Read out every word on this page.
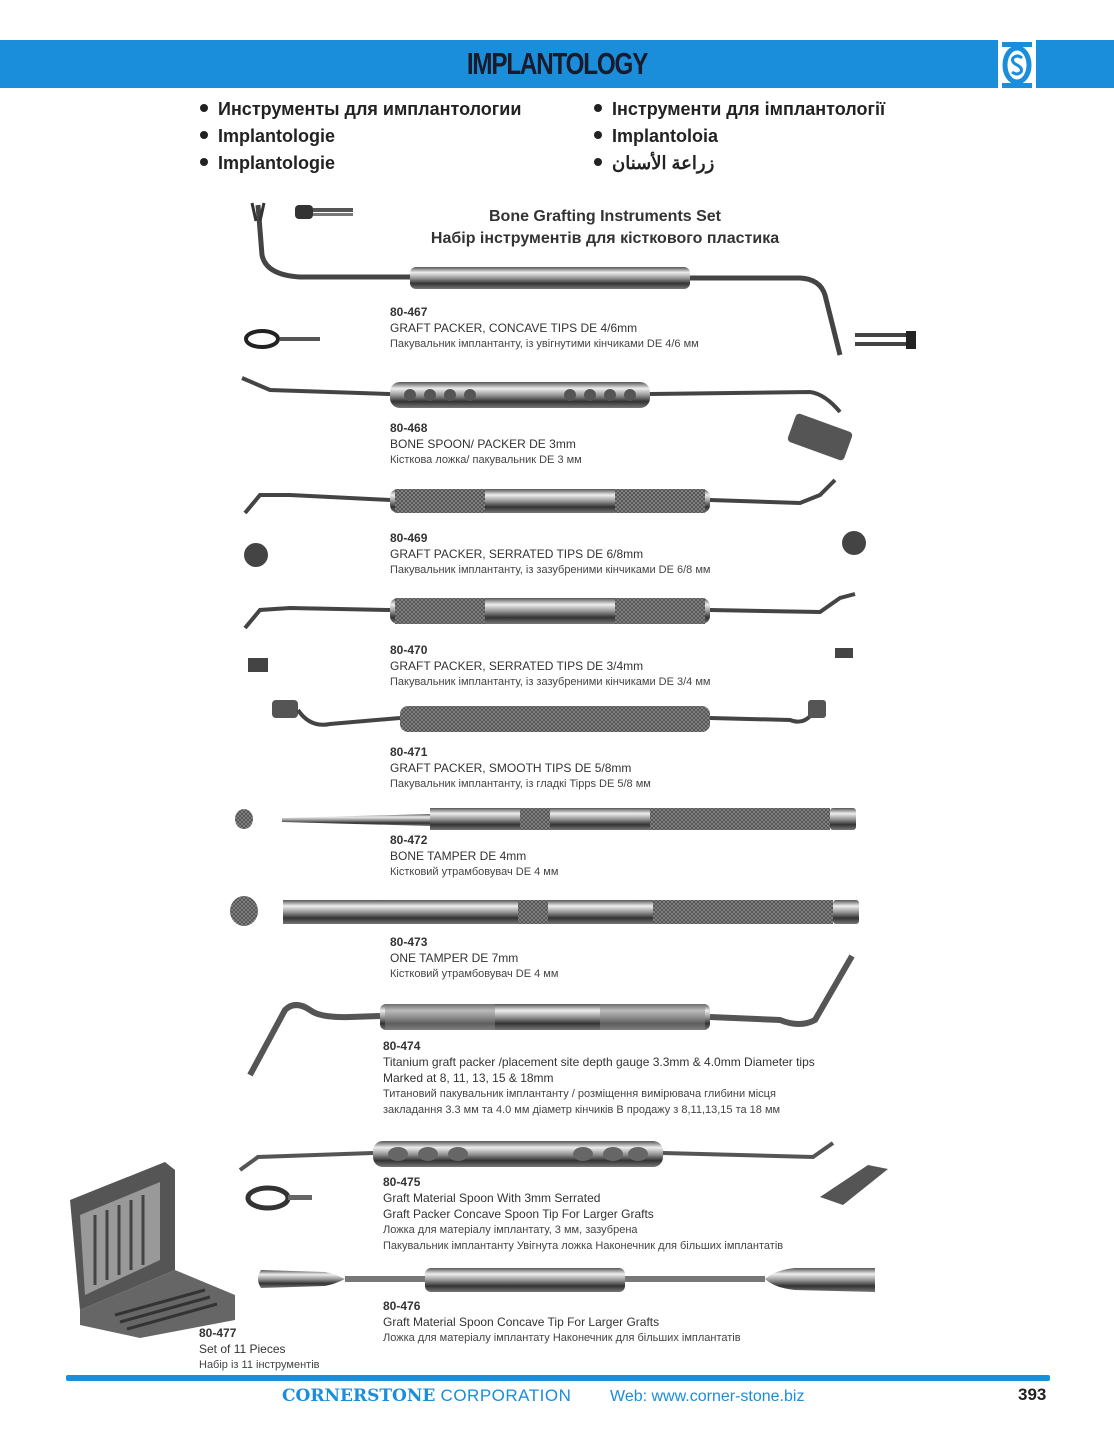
IMPLANTOLOGY
Инструменты для имплантологии
Implantologie
Implantologie
Інструменти для імплантології
Implantoloia
زراعة الأسنان
Bone Grafting Instruments Set
Набір інструментів для кісткового пластика
80-467
GRAFT PACKER, CONCAVE TIPS DE 4/6mm
Пакувальник імплантанту, із увігнутими кінчиками DE 4/6 мм
80-468
BONE SPOON/ PACKER DE 3mm
Кісткова ложка/ пакувальник DE 3 мм
80-469
GRAFT PACKER, SERRATED TIPS DE 6/8mm
Пакувальник імплантанту, із зазубреними кінчиками DE 6/8 мм
80-470
GRAFT PACKER, SERRATED TIPS DE 3/4mm
Пакувальник імплантанту, із зазубреними кінчиками DE 3/4 мм
80-471
GRAFT PACKER, SMOOTH TIPS DE 5/8mm
Пакувальник імплантанту, із гладкі Tipps DE 5/8 мм
80-472
BONE TAMPER DE 4mm
Кістковий утрамбовувач DE 4 мм
80-473
ONE TAMPER DE 7mm
Кістковий утрамбовувач DE 4 мм
80-474
Titanium graft packer /placement site depth gauge 3.3mm & 4.0mm Diameter tips
Marked at 8, 11, 13, 15 & 18mm
Титановий пакувальник імплантанту / розміщення вимірювача глибини місця
закладання 3.3 мм та 4.0 мм діаметр кінчиків В продажу з 8,11,13,15 та 18 мм
80-475
Graft Material Spoon With 3mm Serrated
Graft Packer Concave Spoon Tip For Larger Grafts
Ложка для матеріалу імплантату, 3 мм, зазубрена
Пакувальник імплантанту Увігнута ложка Наконечник для більших імплантатів
80-476
Graft Material Spoon Concave Tip For Larger Grafts
Ложка для матеріалу імплантату Наконечник для більших імплантатів
80-477
Set of 11 Pieces
Набір із 11 інструментів
CORNERSTONE CORPORATION Web: www.corner-stone.biz	393
